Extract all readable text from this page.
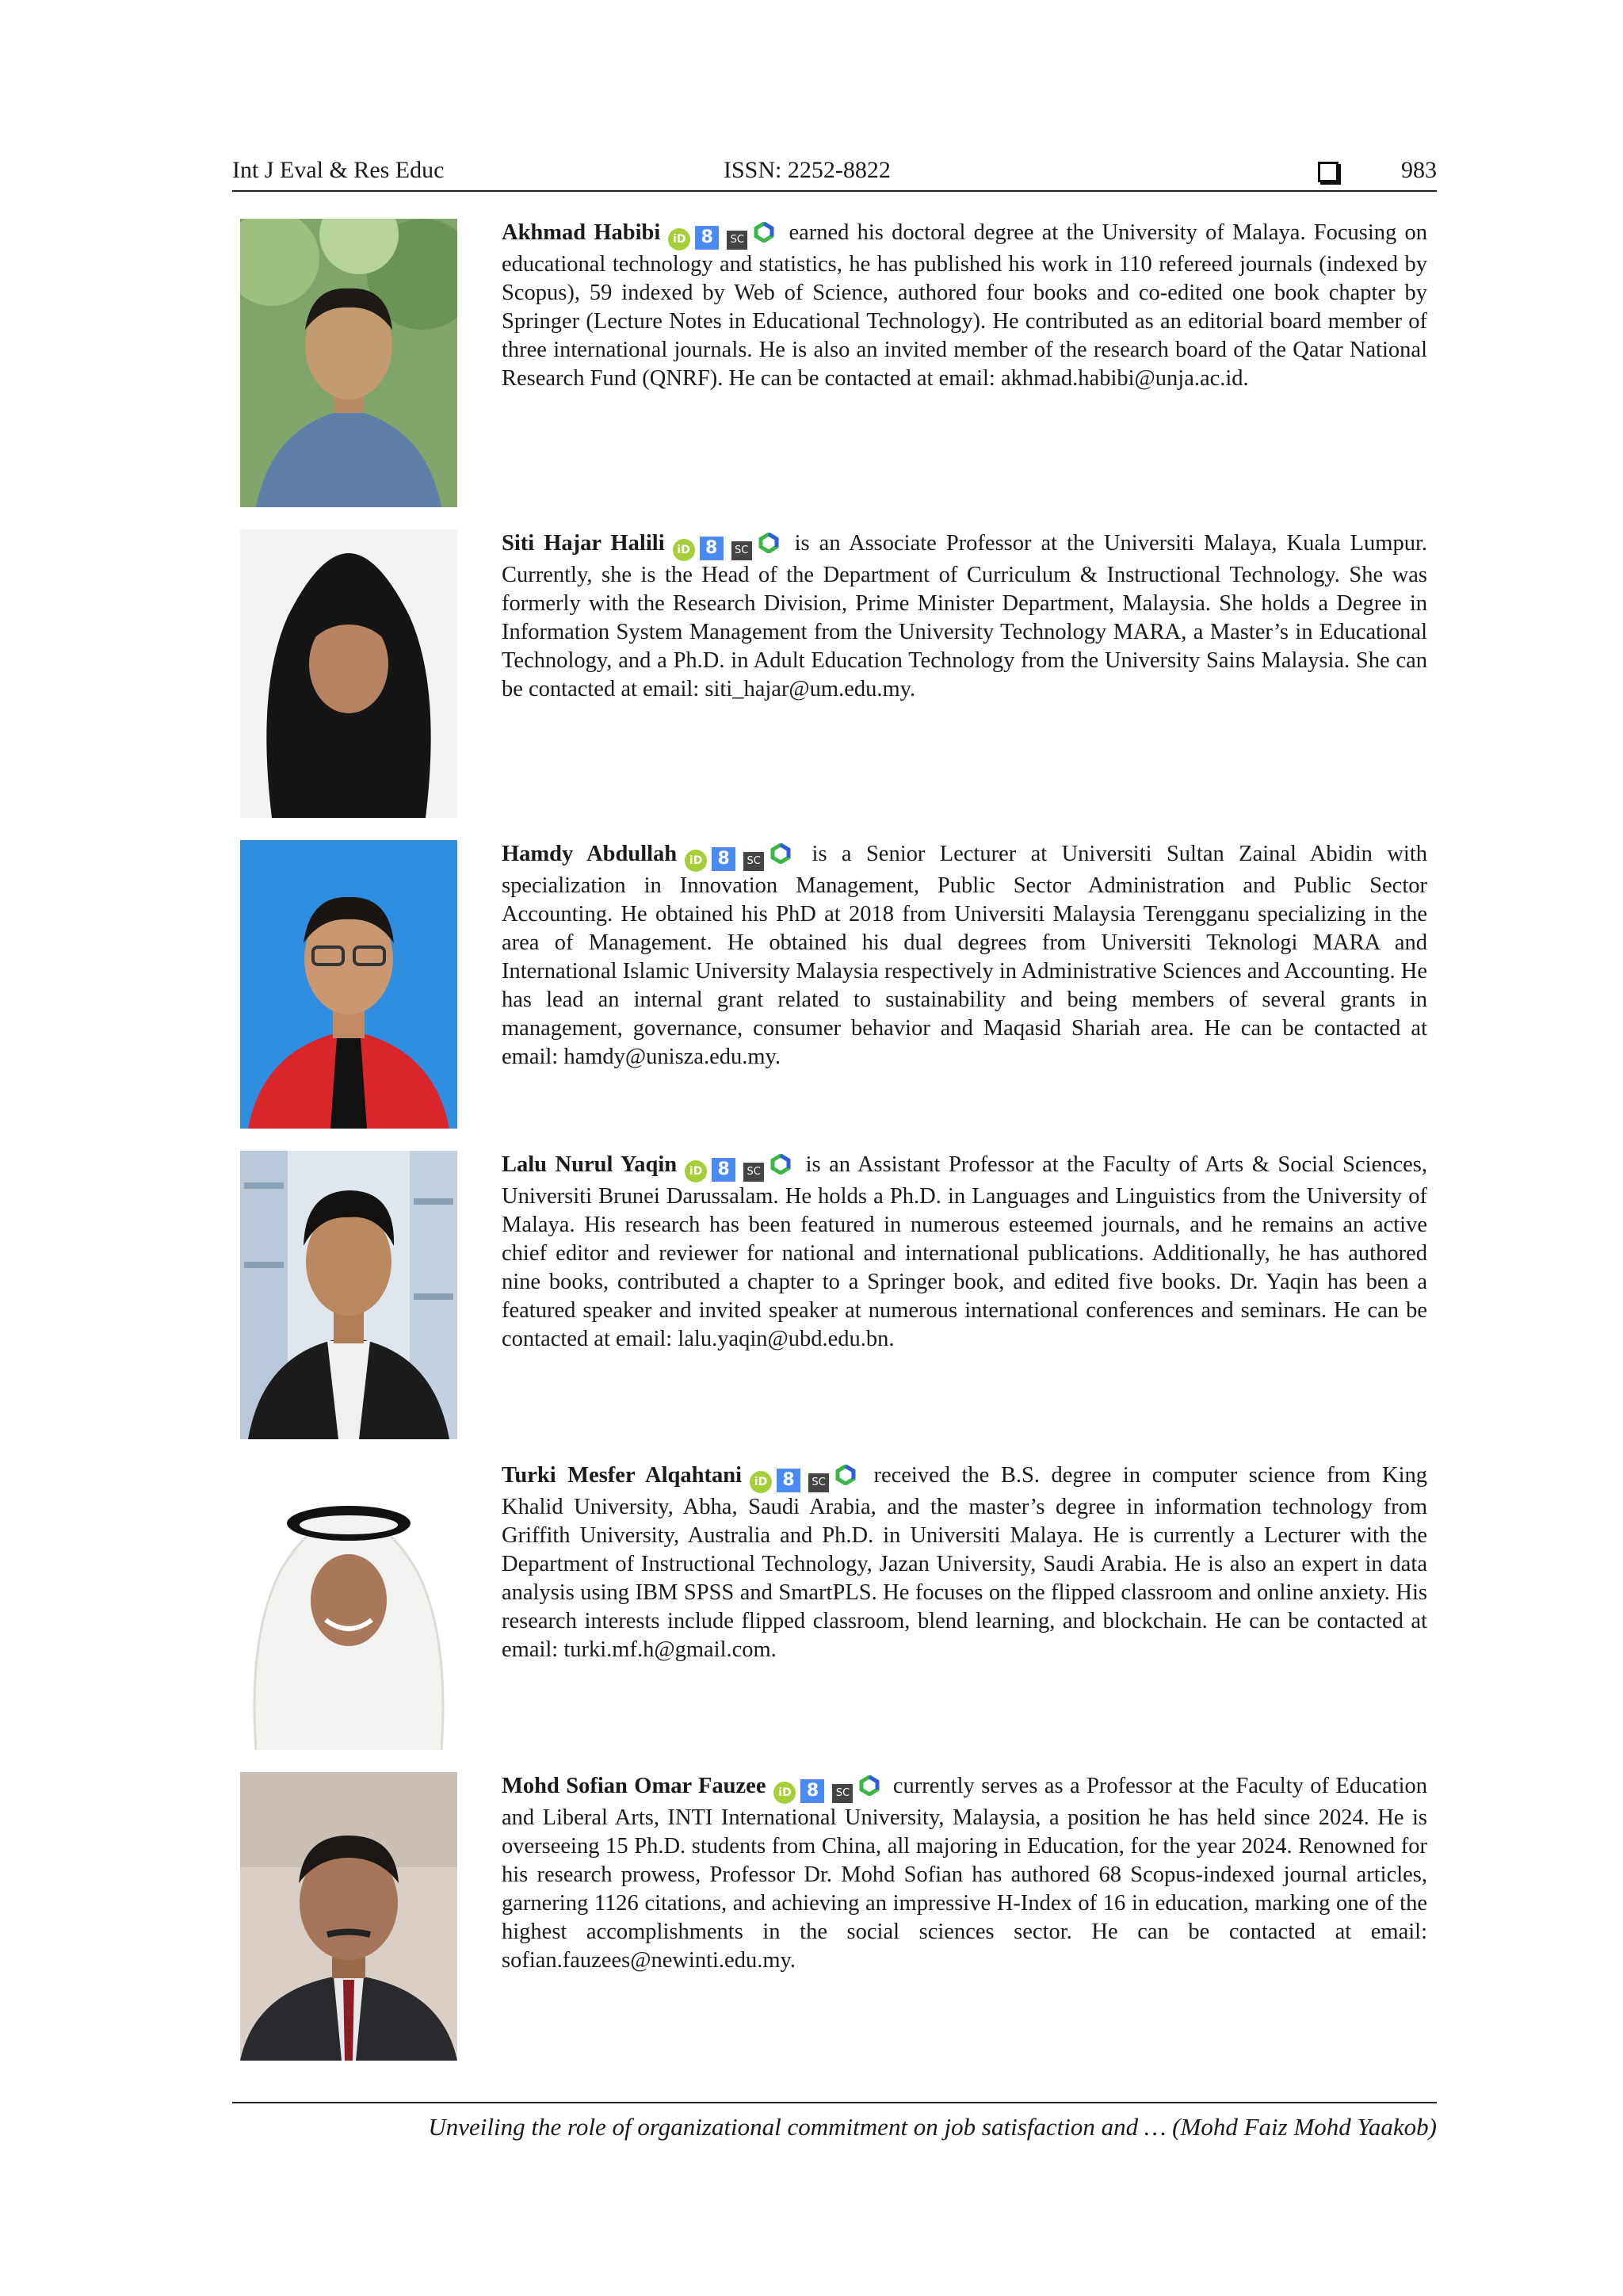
Int J Eval & Res Educ	ISSN: 2252-8822	983
Akhmad Habibi iD 8 SC earned his doctoral degree at the University of Malaya. Focusing on educational technology and statistics, he has published his work in 110 refereed journals (indexed by Scopus), 59 indexed by Web of Science, authored four books and co-edited one book chapter by Springer (Lecture Notes in Educational Technology). He contributed as an editorial board member of three international journals. He is also an invited member of the research board of the Qatar National Research Fund (QNRF). He can be contacted at email: akhmad.habibi@unja.ac.id.
Siti Hajar Halili iD 8 SC is an Associate Professor at the Universiti Malaya, Kuala Lumpur. Currently, she is the Head of the Department of Curriculum & Instructional Technology. She was formerly with the Research Division, Prime Minister Department, Malaysia. She holds a Degree in Information System Management from the University Technology MARA, a Master’s in Educational Technology, and a Ph.D. in Adult Education Technology from the University Sains Malaysia. She can be contacted at email: siti_hajar@um.edu.my.
Hamdy Abdullah iD 8 SC is a Senior Lecturer at Universiti Sultan Zainal Abidin with specialization in Innovation Management, Public Sector Administration and Public Sector Accounting. He obtained his PhD at 2018 from Universiti Malaysia Terengganu specializing in the area of Management. He obtained his dual degrees from Universiti Teknologi MARA and International Islamic University Malaysia respectively in Administrative Sciences and Accounting. He has lead an internal grant related to sustainability and being members of several grants in management, governance, consumer behavior and Maqasid Shariah area. He can be contacted at email: hamdy@unisza.edu.my.
Lalu Nurul Yaqin iD 8 SC is an Assistant Professor at the Faculty of Arts & Social Sciences, Universiti Brunei Darussalam. He holds a Ph.D. in Languages and Linguistics from the University of Malaya. His research has been featured in numerous esteemed journals, and he remains an active chief editor and reviewer for national and international publications. Additionally, he has authored nine books, contributed a chapter to a Springer book, and edited five books. Dr. Yaqin has been a featured speaker and invited speaker at numerous international conferences and seminars. He can be contacted at email: lalu.yaqin@ubd.edu.bn.
Turki Mesfer Alqahtani iD 8 SC received the B.S. degree in computer science from King Khalid University, Abha, Saudi Arabia, and the master’s degree in information technology from Griffith University, Australia and Ph.D. in Universiti Malaya. He is currently a Lecturer with the Department of Instructional Technology, Jazan University, Saudi Arabia. He is also an expert in data analysis using IBM SPSS and SmartPLS. He focuses on the flipped classroom and online anxiety. His research interests include flipped classroom, blend learning, and blockchain. He can be contacted at email: turki.mf.h@gmail.com.
Mohd Sofian Omar Fauzee iD 8 SC currently serves as a Professor at the Faculty of Education and Liberal Arts, INTI International University, Malaysia, a position he has held since 2024. He is overseeing 15 Ph.D. students from China, all majoring in Education, for the year 2024. Renowned for his research prowess, Professor Dr. Mohd Sofian has authored 68 Scopus-indexed journal articles, garnering 1126 citations, and achieving an impressive H-Index of 16 in education, marking one of the highest accomplishments in the social sciences sector. He can be contacted at email: sofian.fauzees@newinti.edu.my.
Unveiling the role of organizational commitment on job satisfaction and … (Mohd Faiz Mohd Yaakob)
